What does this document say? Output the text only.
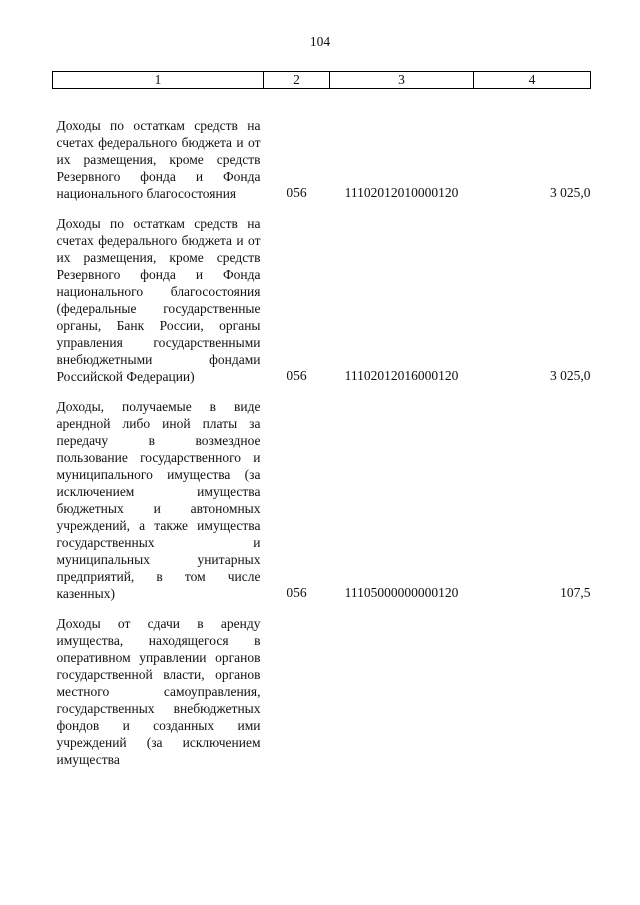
104
1	2	3	4
Доходы по остаткам средств на счетах федерального бюджета и от их размещения, кроме средств Резервного фонда и Фонда национального благосостояния	056	11102012010000120	3 025,0
Доходы по остаткам средств на счетах федерального бюджета и от их размещения, кроме средств Резервного фонда и Фонда национального благосостояния (федеральные государственные органы, Банк России, органы управления государственными внебюджетными фондами Российской Федерации)	056	11102012016000120	3 025,0
Доходы, получаемые в виде арендной либо иной платы за передачу в возмездное пользование государственного и муниципального имущества (за исключением имущества бюджетных и автономных учреждений, а также имущества государственных и муниципальных унитарных предприятий, в том числе казенных)	056	11105000000000120	107,5
Доходы от сдачи в аренду имущества, находящегося в оперативном управлении органов государственной власти, органов местного самоуправления, государственных внебюджетных фондов и созданных ими учреждений (за исключением имущества			
